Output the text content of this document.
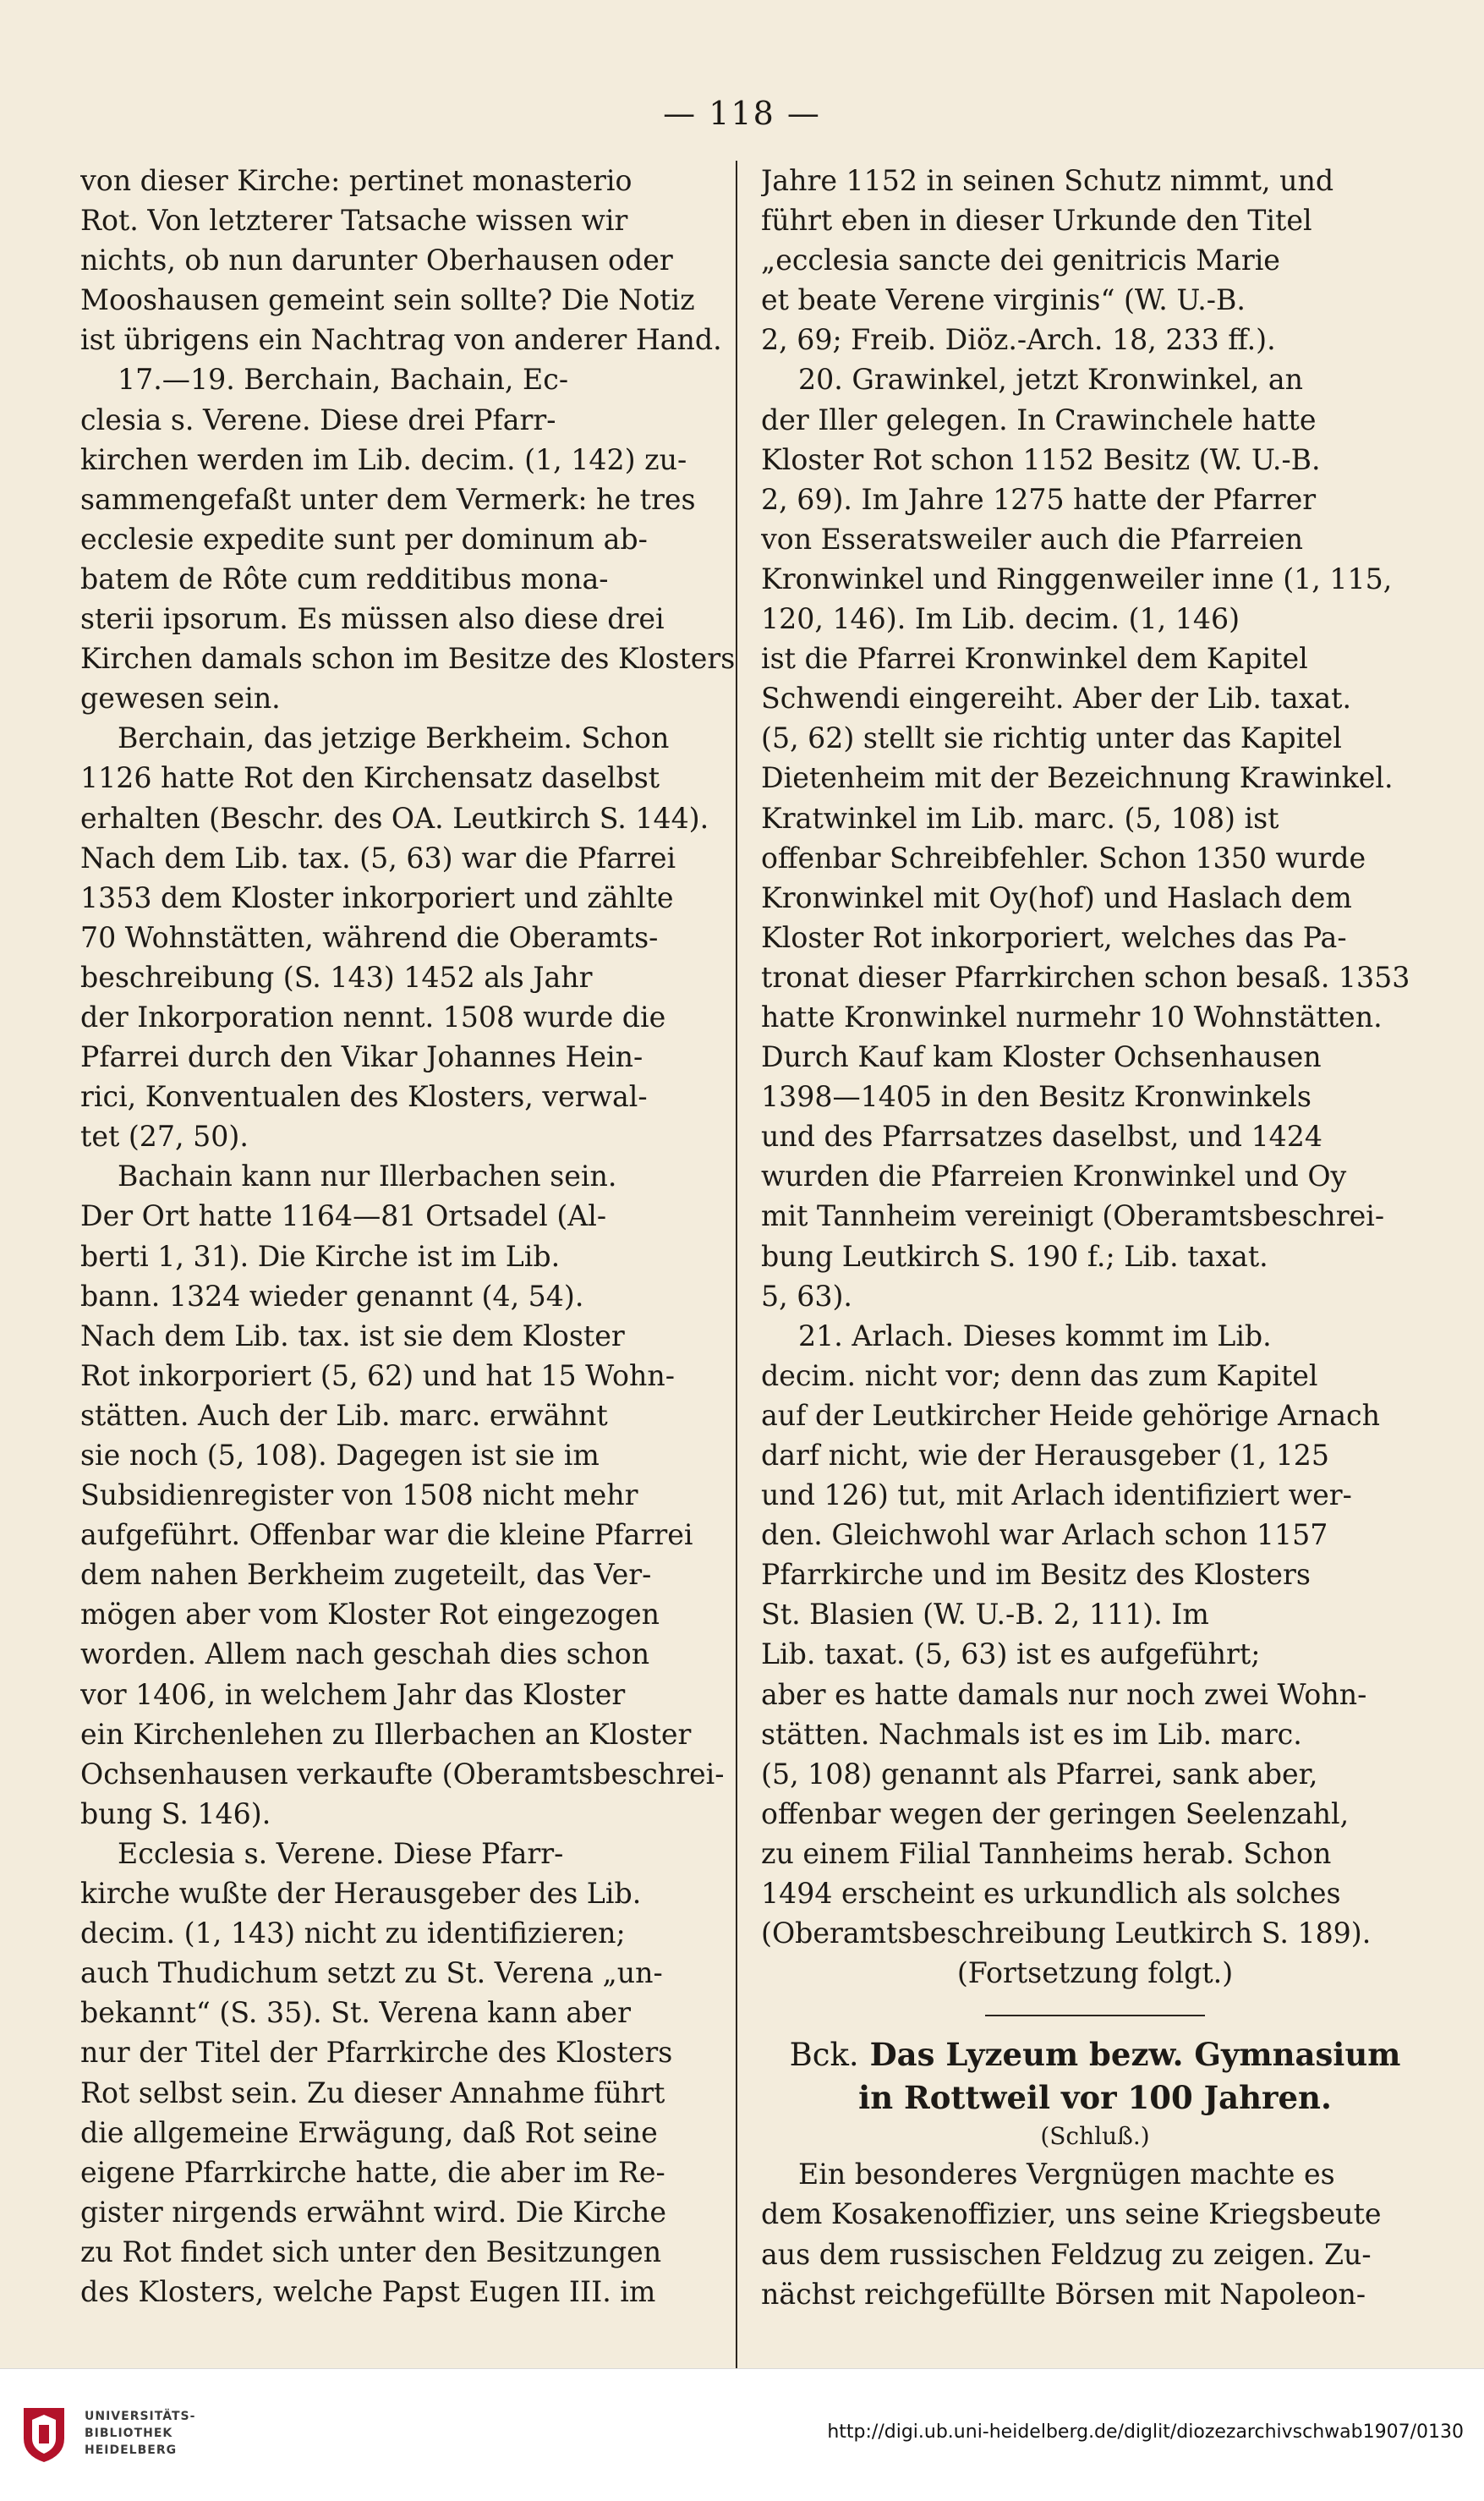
— 118 —
von dieser Kirche: pertinet monasterio
Rot. Von letzterer Tatsache wissen wir
nichts, ob nun darunter Oberhausen oder
Mooshausen gemeint sein sollte? Die Notiz
ist übrigens ein Nachtrag von anderer Hand.
17.—19. Berchain, Bachain, Ec-
clesia s. Verene. Diese drei Pfarr-
kirchen werden im Lib. decim. (1, 142) zu-
sammengefaßt unter dem Vermerk: he tres
ecclesie expedite sunt per dominum ab-
batem de Rôte cum redditibus mona-
sterii ipsorum. Es müssen also diese drei
Kirchen damals schon im Besitze des Klosters
gewesen sein.
Berchain, das jetzige Berkheim. Schon
1126 hatte Rot den Kirchensatz daselbst
erhalten (Beschr. des OA. Leutkirch S. 144).
Nach dem Lib. tax. (5, 63) war die Pfarrei
1353 dem Kloster inkorporiert und zählte
70 Wohnstätten, während die Oberamts-
beschreibung (S. 143) 1452 als Jahr
der Inkorporation nennt. 1508 wurde die
Pfarrei durch den Vikar Johannes Hein-
rici, Konventualen des Klosters, verwal-
tet (27, 50).
Bachain kann nur Illerbachen sein.
Der Ort hatte 1164—81 Ortsadel (Al-
berti 1, 31). Die Kirche ist im Lib.
bann. 1324 wieder genannt (4, 54).
Nach dem Lib. tax. ist sie dem Kloster
Rot inkorporiert (5, 62) und hat 15 Wohn-
stätten. Auch der Lib. marc. erwähnt
sie noch (5, 108). Dagegen ist sie im
Subsidienregister von 1508 nicht mehr
aufgeführt. Offenbar war die kleine Pfarrei
dem nahen Berkheim zugeteilt, das Ver-
mögen aber vom Kloster Rot eingezogen
worden. Allem nach geschah dies schon
vor 1406, in welchem Jahr das Kloster
ein Kirchenlehen zu Illerbachen an Kloster
Ochsenhausen verkaufte (Oberamtsbeschrei-
bung S. 146).
Ecclesia s. Verene. Diese Pfarr-
kirche wußte der Herausgeber des Lib.
decim. (1, 143) nicht zu identifizieren;
auch Thudichum setzt zu St. Verena „un-
bekannt“ (S. 35). St. Verena kann aber
nur der Titel der Pfarrkirche des Klosters
Rot selbst sein. Zu dieser Annahme führt
die allgemeine Erwägung, daß Rot seine
eigene Pfarrkirche hatte, die aber im Re-
gister nirgends erwähnt wird. Die Kirche
zu Rot findet sich unter den Besitzungen
des Klosters, welche Papst Eugen III. im
Jahre 1152 in seinen Schutz nimmt, und
führt eben in dieser Urkunde den Titel
„ecclesia sancte dei genitricis Marie
et beate Verene virginis“ (W. U.-B.
2, 69; Freib. Diöz.-Arch. 18, 233 ff.).
20. Grawinkel, jetzt Kronwinkel, an
der Iller gelegen. In Crawinchele hatte
Kloster Rot schon 1152 Besitz (W. U.-B.
2, 69). Im Jahre 1275 hatte der Pfarrer
von Esseratsweiler auch die Pfarreien
Kronwinkel und Ringgenweiler inne (1, 115,
120, 146). Im Lib. decim. (1, 146)
ist die Pfarrei Kronwinkel dem Kapitel
Schwendi eingereiht. Aber der Lib. taxat.
(5, 62) stellt sie richtig unter das Kapitel
Dietenheim mit der Bezeichnung Krawinkel.
Kratwinkel im Lib. marc. (5, 108) ist
offenbar Schreibfehler. Schon 1350 wurde
Kronwinkel mit Oy(hof) und Haslach dem
Kloster Rot inkorporiert, welches das Pa-
tronat dieser Pfarrkirchen schon besaß. 1353
hatte Kronwinkel nurmehr 10 Wohnstätten.
Durch Kauf kam Kloster Ochsenhausen
1398—1405 in den Besitz Kronwinkels
und des Pfarrsatzes daselbst, und 1424
wurden die Pfarreien Kronwinkel und Oy
mit Tannheim vereinigt (Oberamtsbeschrei-
bung Leutkirch S. 190 f.; Lib. taxat.
5, 63).
21. Arlach. Dieses kommt im Lib.
decim. nicht vor; denn das zum Kapitel
auf der Leutkircher Heide gehörige Arnach
darf nicht, wie der Herausgeber (1, 125
und 126) tut, mit Arlach identifiziert wer-
den. Gleichwohl war Arlach schon 1157
Pfarrkirche und im Besitz des Klosters
St. Blasien (W. U.-B. 2, 111). Im
Lib. taxat. (5, 63) ist es aufgeführt;
aber es hatte damals nur noch zwei Wohn-
stätten. Nachmals ist es im Lib. marc.
(5, 108) genannt als Pfarrei, sank aber,
offenbar wegen der geringen Seelenzahl,
zu einem Filial Tannheims herab. Schon
1494 erscheint es urkundlich als solches
(Oberamtsbeschreibung Leutkirch S. 189).
(Fortsetzung folgt.)
Bck. Das Lyzeum bezw. Gymnasium
in Rottweil vor 100 Jahren.
(Schluß.)
Ein besonderes Vergnügen machte es
dem Kosakenoffizier, uns seine Kriegsbeute
aus dem russischen Feldzug zu zeigen. Zu-
nächst reichgefüllte Börsen mit Napoleon-
UNIVERSITÄTS-
BIBLIOTHEK
HEIDELBERG
http://digi.ub.uni-heidelberg.de/diglit/diozezarchivschwab1907/0130
